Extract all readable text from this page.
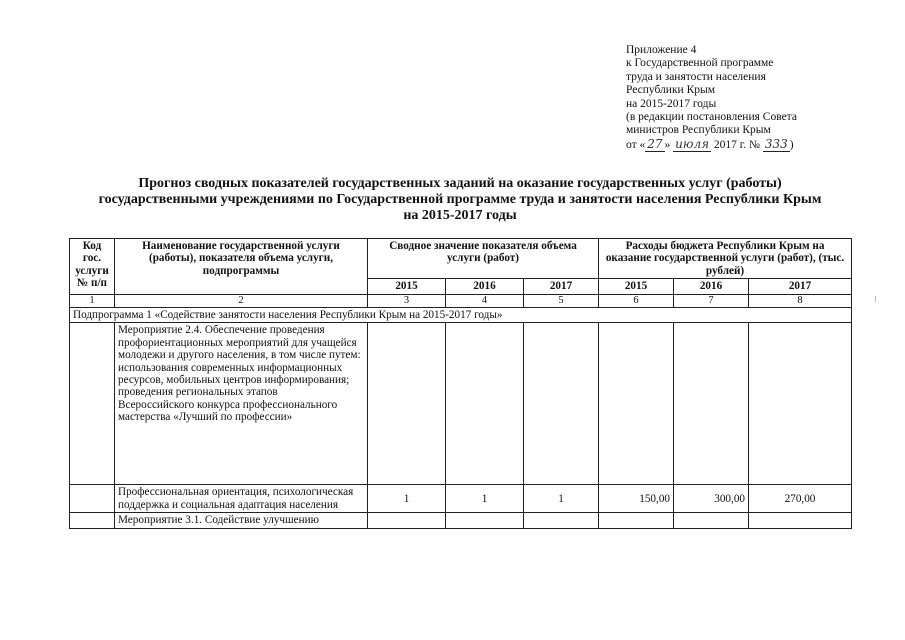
Приложение 4
к Государственной программе
труда и занятости населения
Республики Крым
на 2015-2017 годы
(в редакции постановления Совета
министров Республики Крым
от « 27 » июля 2017 г. № 333 )
Прогноз сводных показателей государственных заданий на оказание государственных услуг (работы) государственными учреждениями по Государственной программе труда и занятости населения Республики Крым на 2015-2017 годы
Код гос. услуги № п/п	Наименование государственной услуги (работы), показателя объема услуги, подпрограммы	Сводное значение показателя объема услуги (работ)			Расходы бюджета Республики Крым на оказание государственной услуги (работ), (тыс. рублей)		
		2015	2016	2017	2015	2016	2017
1	2	3	4	5	6	7	8
Подпрограмма 1 «Содействие занятости населения Республики Крым на 2015-2017 годы»							
	Мероприятие 2.4. Обеспечение проведения профориентационных мероприятий для учащейся молодежи и другого населения, в том числе путем:
использования современных информационных ресурсов, мобильных центров информирования; проведения региональных этапов
Всероссийского конкурса профессионального мастерства «Лучший по профессии»						
	Профессиональная ориентация, психологическая поддержка и социальная адаптация населения	1	1	1	150,00	300,00	270,00
	Мероприятие 3.1. Содействие улучшению						
